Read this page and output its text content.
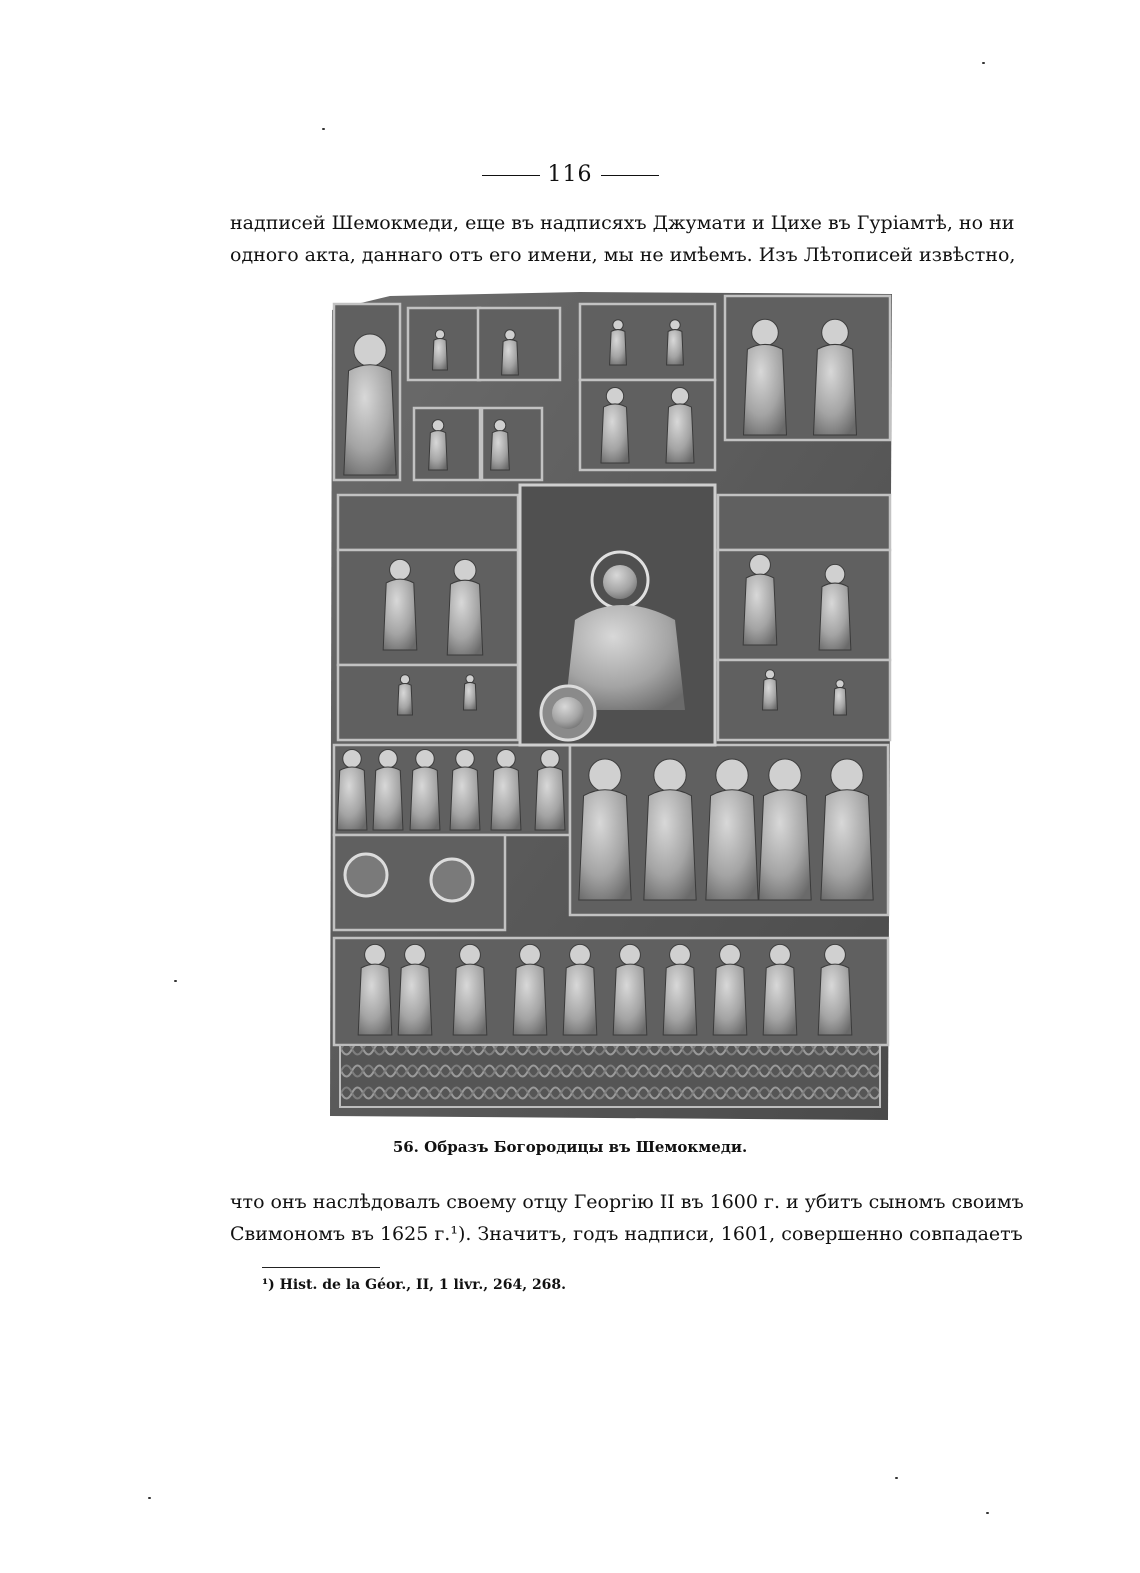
116
надписей Шемокмеди, еще въ надписяхъ Джумати и Цихе въ Гуріамтѣ, но ни
одного акта, даннаго отъ его имени, мы не имѣемъ. Изъ Лѣтописей извѣстно,
56. Образъ Богородицы въ Шемокмеди.
что онъ наслѣдовалъ своему отцу Георгію II въ 1600 г. и убитъ сыномъ своимъ
Свимономъ въ 1625 г.¹). Значитъ, годъ надписи, 1601, совершенно совпадаетъ
¹) Hist. de la Géor., II, 1 livr., 264, 268.
